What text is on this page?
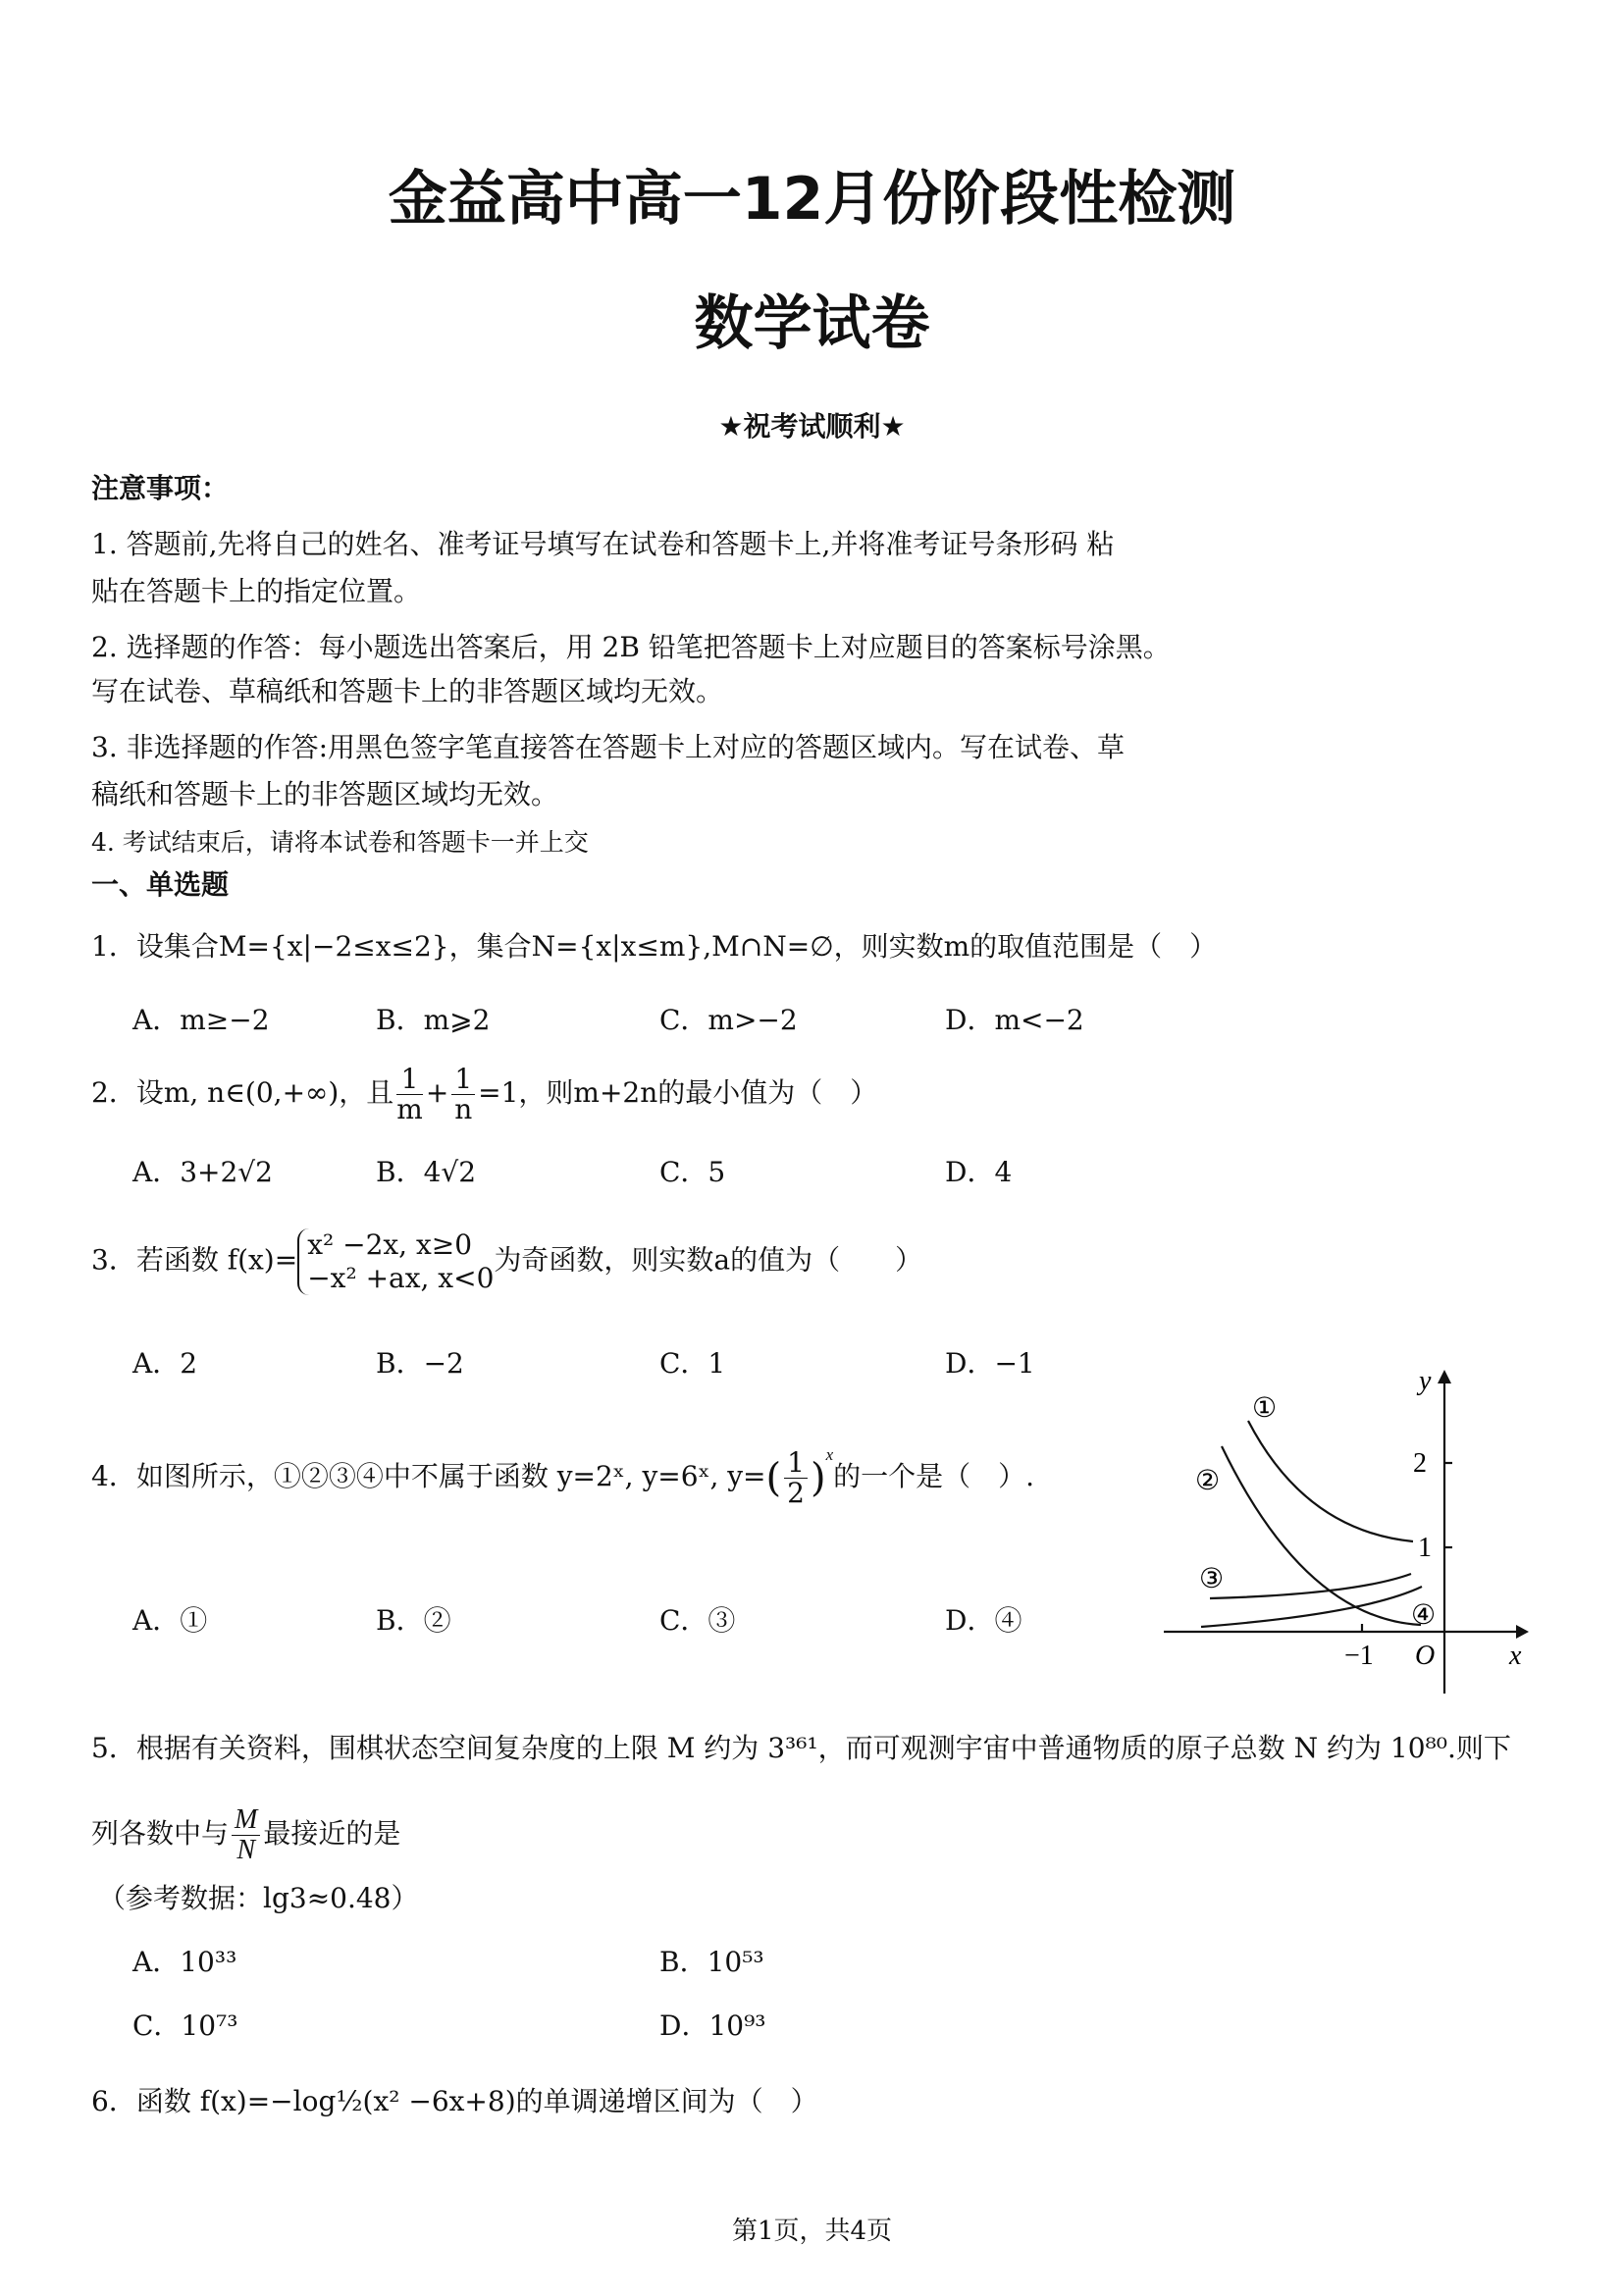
金益高中高一12月份阶段性检测
数学试卷
★祝考试顺利★
注意事项：
1. 答题前,先将自己的姓名、准考证号填写在试卷和答题卡上,并将准考证号条形码 粘
贴在答题卡上的指定位置。
2. 选择题的作答：每小题选出答案后，用 2B 铅笔把答题卡上对应题目的答案标号涂黑。
写在试卷、草稿纸和答题卡上的非答题区域均无效。
3. 非选择题的作答:用黑色签字笔直接答在答题卡上对应的答题区域内。写在试卷、草
稿纸和答题卡上的非答题区域均无效。
4. 考试结束后，请将本试卷和答题卡一并上交
一、单选题
1．设集合M={x|−2≤x≤2}，集合N={x|x≤m},M∩N=∅，则实数m的取值范围是（　）
A．m≥−2	B．m⩾2	C．m>−2	D．m<−2
2．设m, n∈(0,+∞)，且 $\frac{1}{m} + \frac{1}{n} =1$，则m+2n的最小值为（　）
A．3+2√2	B．4√2	C．5	D．4
3．若函数 f(x)= x² −2x, x≥0
−x² +ax, x<0
为奇函数，则实数a的值为（　　）
A．2	B．−2	C．1	D．−1
4．如图所示，①②③④中不属于函数 y=2ˣ, y=6ˣ, $y=( \frac{1}{2} )^x$的一个是（　）.
A．①	B．②	C．③	D．④
①
②
③
④
2
1
−1 O	x
y
5．根据有关资料，围棋状态空间复杂度的上限 M 约为 3³⁶¹，而可观测宇宙中普通物质的原子总数 N 约为 10⁸⁰.则下
列各数中与 $\frac{M}{N}$ 最接近的是
（参考数据：lg3≈0.48）
A．10³³	B．10⁵³
C．10⁷³	D．10⁹³
6．函数 f(x)=−log½(x² −6x+8)的单调递增区间为（　）
第1页，共4页
